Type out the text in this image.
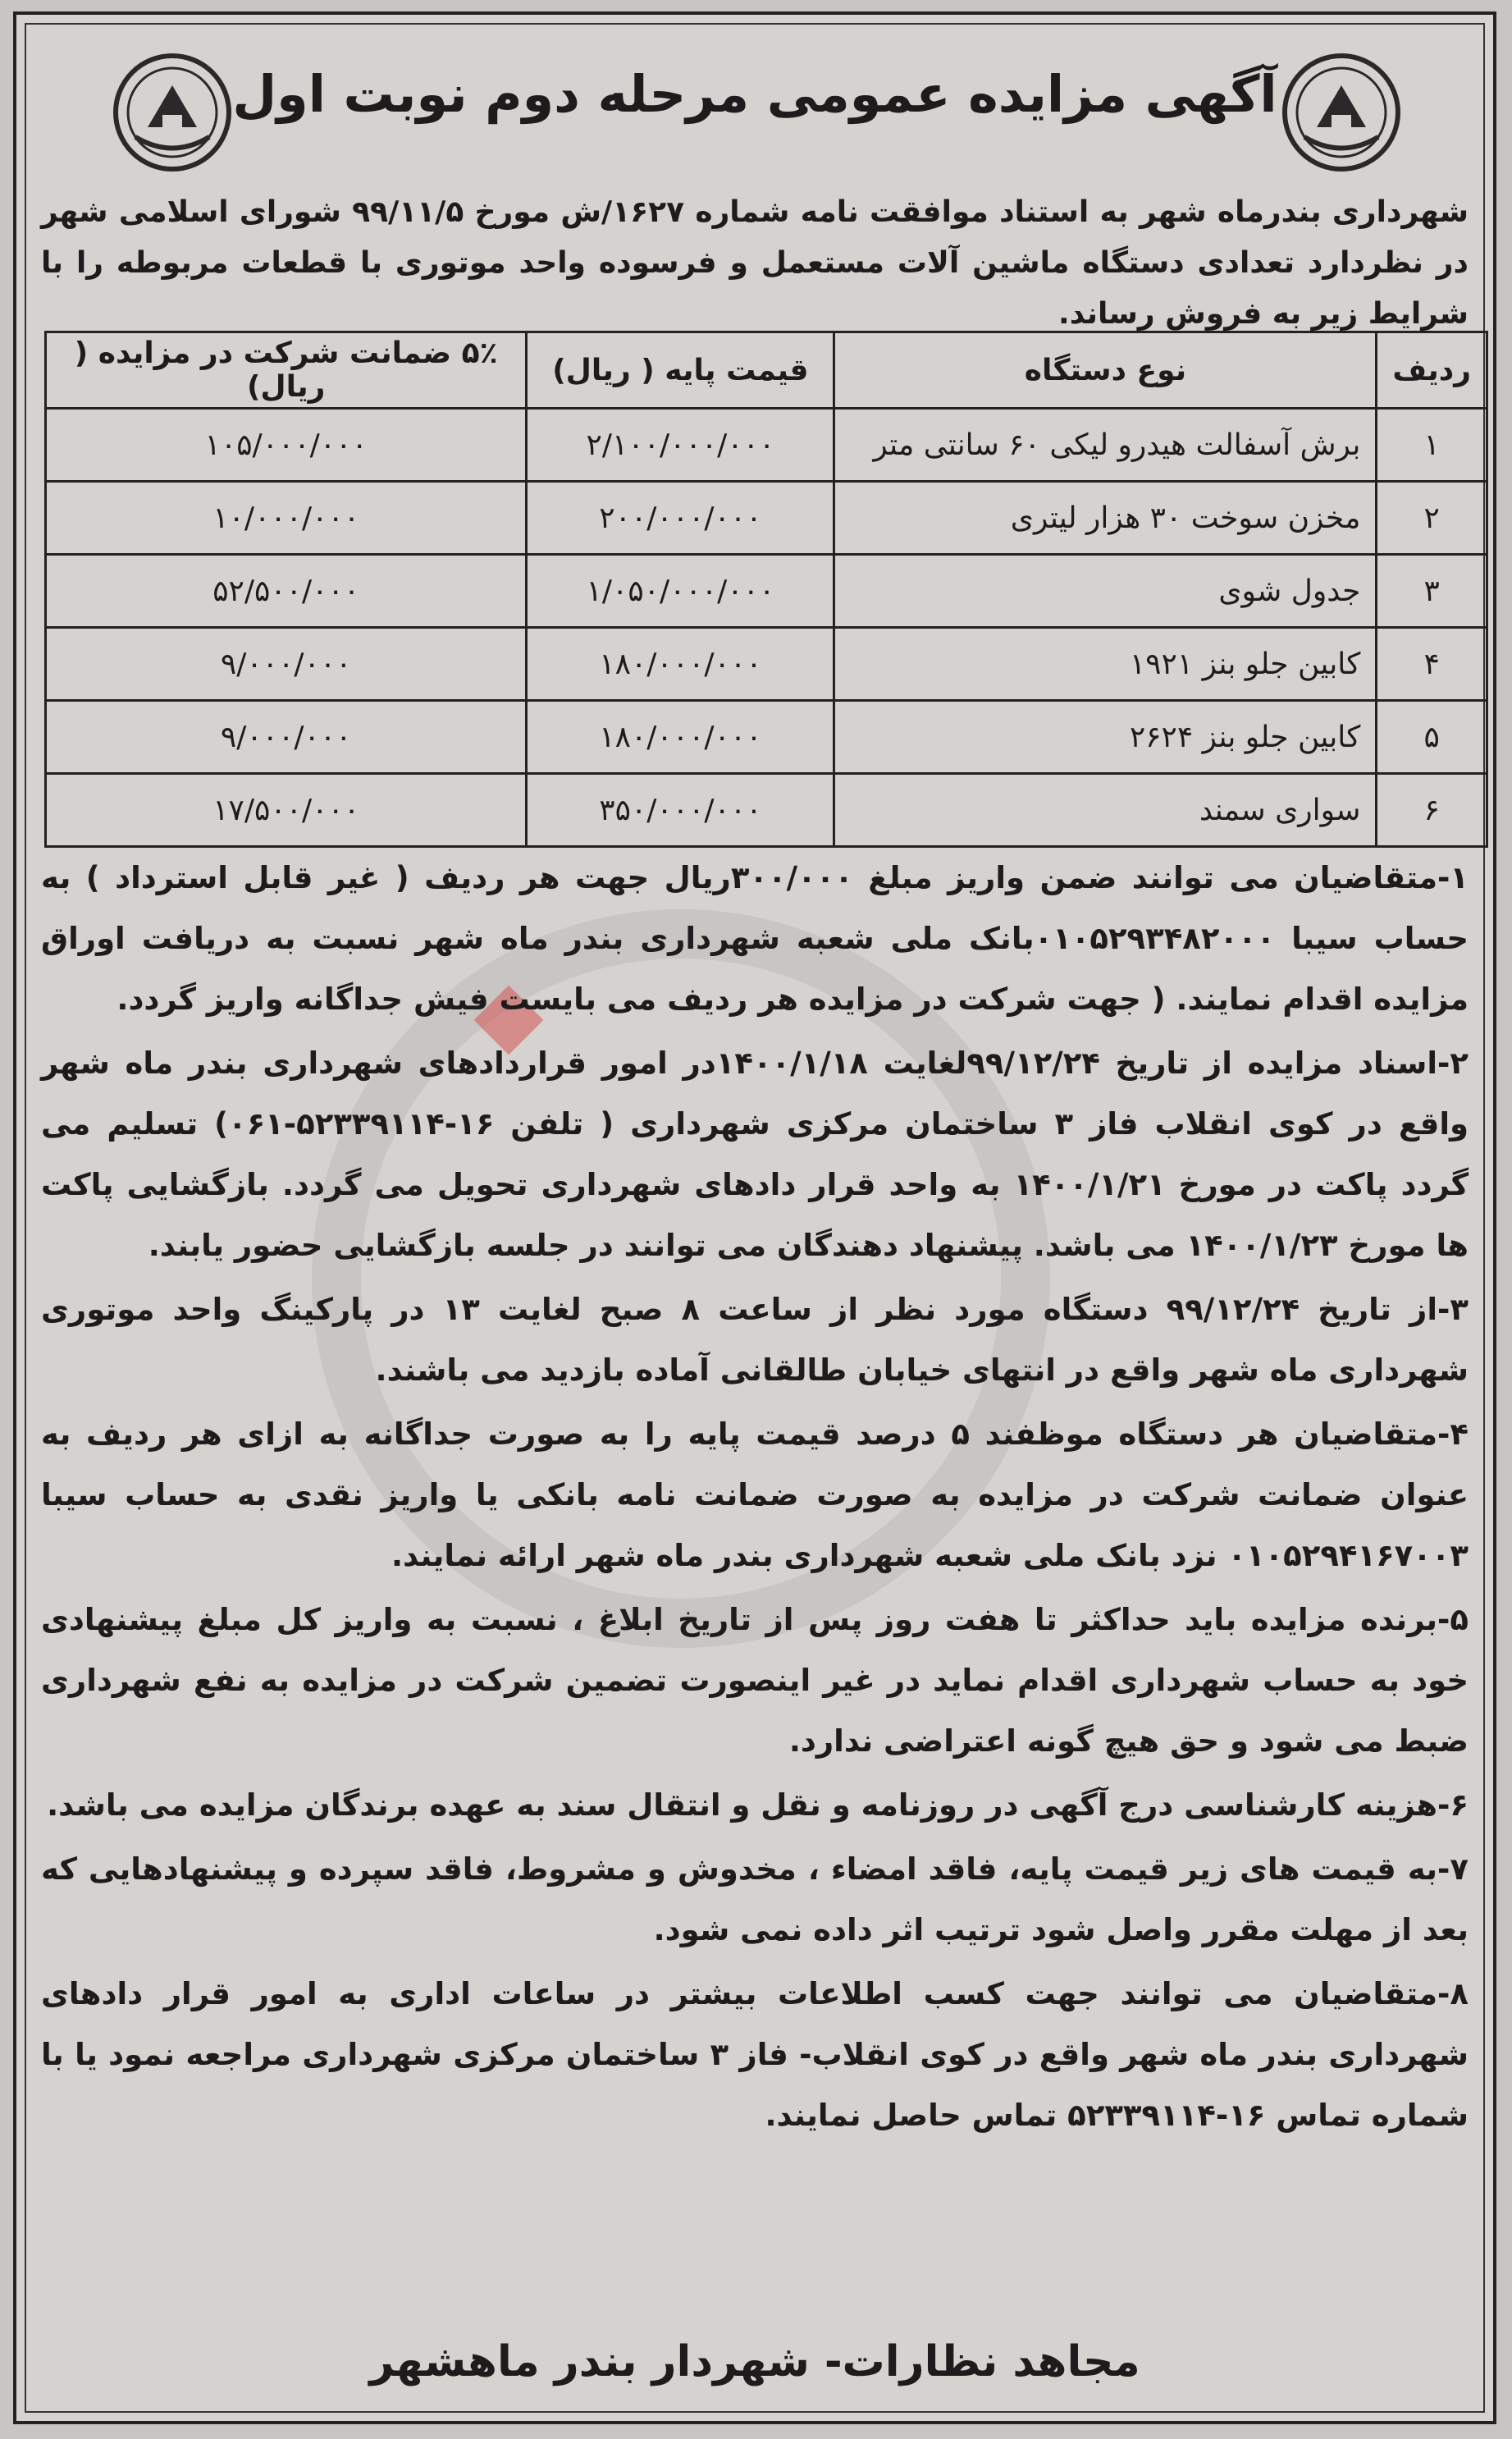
آگهی مزایده عمومی مرحله دوم نوبت اول
شهرداری بندرماه شهر به استناد موافقت نامه شماره ۱۶۲۷/ش مورخ ۹۹/۱۱/۵ شورای اسلامی شهر در نظردارد تعدادی دستگاه ماشین آلات مستعمل و فرسوده واحد موتوری با قطعات مربوطه را با شرایط زیر به فروش رساند.
ردیف	نوع دستگاه	قیمت پایه ( ریال)	۵٪ ضمانت شرکت در مزایده ( ریال)
۱	برش آسفالت هیدرو لیکی ۶۰ سانتی متر	۲/۱۰۰/۰۰۰/۰۰۰	۱۰۵/۰۰۰/۰۰۰
۲	مخزن سوخت ۳۰ هزار لیتری	۲۰۰/۰۰۰/۰۰۰	۱۰/۰۰۰/۰۰۰
۳	جدول شوی	۱/۰۵۰/۰۰۰/۰۰۰	۵۲/۵۰۰/۰۰۰
۴	کابین جلو بنز ۱۹۲۱	۱۸۰/۰۰۰/۰۰۰	۹/۰۰۰/۰۰۰
۵	کابین جلو بنز ۲۶۲۴	۱۸۰/۰۰۰/۰۰۰	۹/۰۰۰/۰۰۰
۶	سواری سمند	۳۵۰/۰۰۰/۰۰۰	۱۷/۵۰۰/۰۰۰

۱-متقاضیان می توانند ضمن واریز مبلغ ۳۰۰/۰۰۰ریال جهت هر ردیف ( غیر قابل استرداد ) به حساب سیبا ۰۱۰۵۲۹۳۴۸۲۰۰۰بانک ملی شعبه شهرداری بندر ماه شهر نسبت به دریافت اوراق مزایده اقدام نمایند. ( جهت شرکت در مزایده هر ردیف می بایست فیش جداگانه واریز گردد.

۲-اسناد مزایده از تاریخ ۹۹/۱۲/۲۴لغایت ۱۴۰۰/۱/۱۸در امور قراردادهای شهرداری بندر ماه شهر واقع در کوی انقلاب فاز ۳ ساختمان مرکزی شهرداری ( تلفن ۱۶-۵۲۳۳۹۱۱۴-۰۶۱) تسلیم می گردد پاکت در مورخ ۱۴۰۰/۱/۲۱ به واحد قرار دادهای شهرداری تحویل می گردد. بازگشایی پاکت ها مورخ ۱۴۰۰/۱/۲۳ می باشد. پیشنهاد دهندگان می توانند در جلسه بازگشایی حضور یابند.

۳-از تاریخ ۹۹/۱۲/۲۴ دستگاه مورد نظر از ساعت ۸ صبح لغایت ۱۳ در پارکینگ واحد موتوری شهرداری ماه شهر واقع در انتهای خیابان طالقانی آماده بازدید می باشند.

۴-متقاضیان هر دستگاه موظفند ۵ درصد قیمت پایه را به صورت جداگانه به ازای هر ردیف به عنوان ضمانت شرکت در مزایده به صورت ضمانت نامه بانکی یا واریز نقدی به حساب سیبا ۰۱۰۵۲۹۴۱۶۷۰۰۳ نزد بانک ملی شعبه شهرداری بندر ماه شهر ارائه نمایند.

۵-برنده مزایده باید حداکثر تا هفت روز پس از تاریخ ابلاغ ، نسبت به واریز کل مبلغ پیشنهادی خود به حساب شهرداری اقدام نماید در غیر اینصورت تضمین شرکت در مزایده به نفع شهرداری ضبط می شود و حق هیچ گونه اعتراضی ندارد.

۶-هزینه کارشناسی درج آگهی در روزنامه و نقل و انتقال سند به عهده برندگان مزایده می باشد.

۷-به قیمت های زیر قیمت پایه، فاقد امضاء ، مخدوش و مشروط، فاقد سپرده و پیشنهادهایی که بعد از مهلت مقرر واصل شود ترتیب اثر داده نمی شود.

۸-متقاضیان می توانند جهت کسب اطلاعات بیشتر در ساعات اداری به امور قرار دادهای شهرداری بندر ماه شهر واقع در کوی انقلاب- فاز ۳ ساختمان مرکزی شهرداری مراجعه نمود یا با شماره تماس ۱۶-۵۲۳۳۹۱۱۴ تماس حاصل نمایند.

مجاهد نظارات- شهردار بندر ماهشهر
